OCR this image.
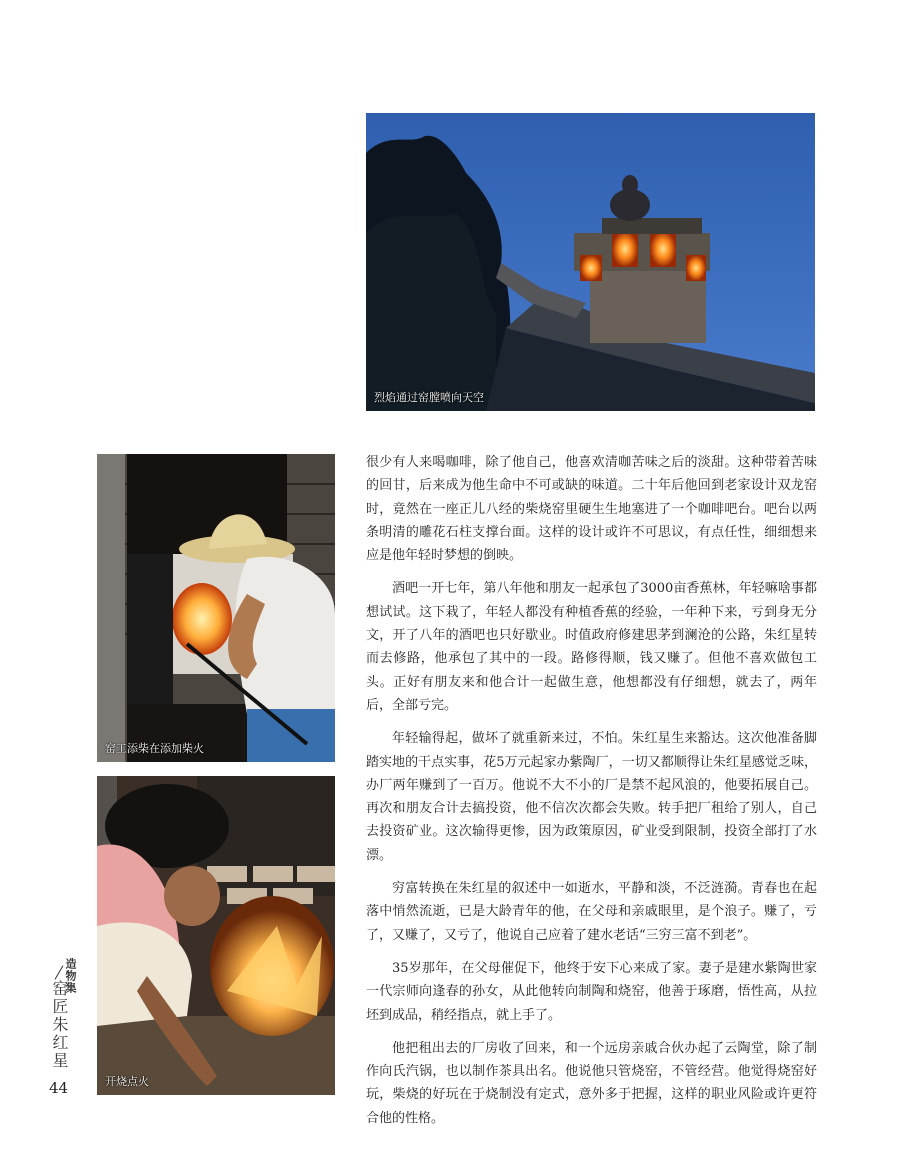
烈焰通过窑膛喷向天空
窑工添柴在添加柴火
开烧点火

很少有人来喝咖啡，除了他自己，他喜欢清咖苦味之后的淡甜。这种带着苦味的回甘，后来成为他生命中不可或缺的味道。二十年后他回到老家设计双龙窑时，竟然在一座正儿八经的柴烧窑里硬生生地塞进了一个咖啡吧台。吧台以两条明清的雕花石柱支撑台面。这样的设计或许不可思议，有点任性，细细想来应是他年轻时梦想的倒映。

酒吧一开七年，第八年他和朋友一起承包了3000亩香蕉林，年轻嘛啥事都想试试。这下栽了，年轻人都没有种植香蕉的经验，一年种下来，亏到身无分文，开了八年的酒吧也只好歇业。时值政府修建思茅到澜沧的公路，朱红星转而去修路，他承包了其中的一段。路修得顺，钱又赚了。但他不喜欢做包工头。正好有朋友来和他合计一起做生意，他想都没有仔细想，就去了，两年后，全部亏完。

年轻输得起，做坏了就重新来过，不怕。朱红星生来豁达。这次他准备脚踏实地的干点实事，花5万元起家办紫陶厂，一切又都顺得让朱红星感觉乏味，办厂两年赚到了一百万。他说不大不小的厂是禁不起风浪的，他要拓展自己。再次和朋友合计去搞投资，他不信次次都会失败。转手把厂租给了别人，自己去投资矿业。这次输得更惨，因为政策原因，矿业受到限制，投资全部打了水漂。

穷富转换在朱红星的叙述中一如逝水，平静和淡，不泛涟漪。青春也在起落中悄然流逝，已是大龄青年的他，在父母和亲戚眼里，是个浪子。赚了，亏了，又赚了，又亏了，他说自己应着了建水老话“三穷三富不到老”。

35岁那年，在父母催促下，他终于安下心来成了家。妻子是建水紫陶世家一代宗师向逢春的孙女，从此他转向制陶和烧窑，他善于琢磨，悟性高，从拉坯到成品，稍经指点，就上手了。

他把租出去的厂房收了回来，和一个远房亲戚合伙办起了云陶堂，除了制作向氏汽锅，也以制作茶具出名。他说他只管烧窑，不管经营。他觉得烧窑好玩，柴烧的好玩在于烧制没有定式，意外多于把握，这样的职业风险或许更符合他的性格。

造物集
窑匠朱红星
44
